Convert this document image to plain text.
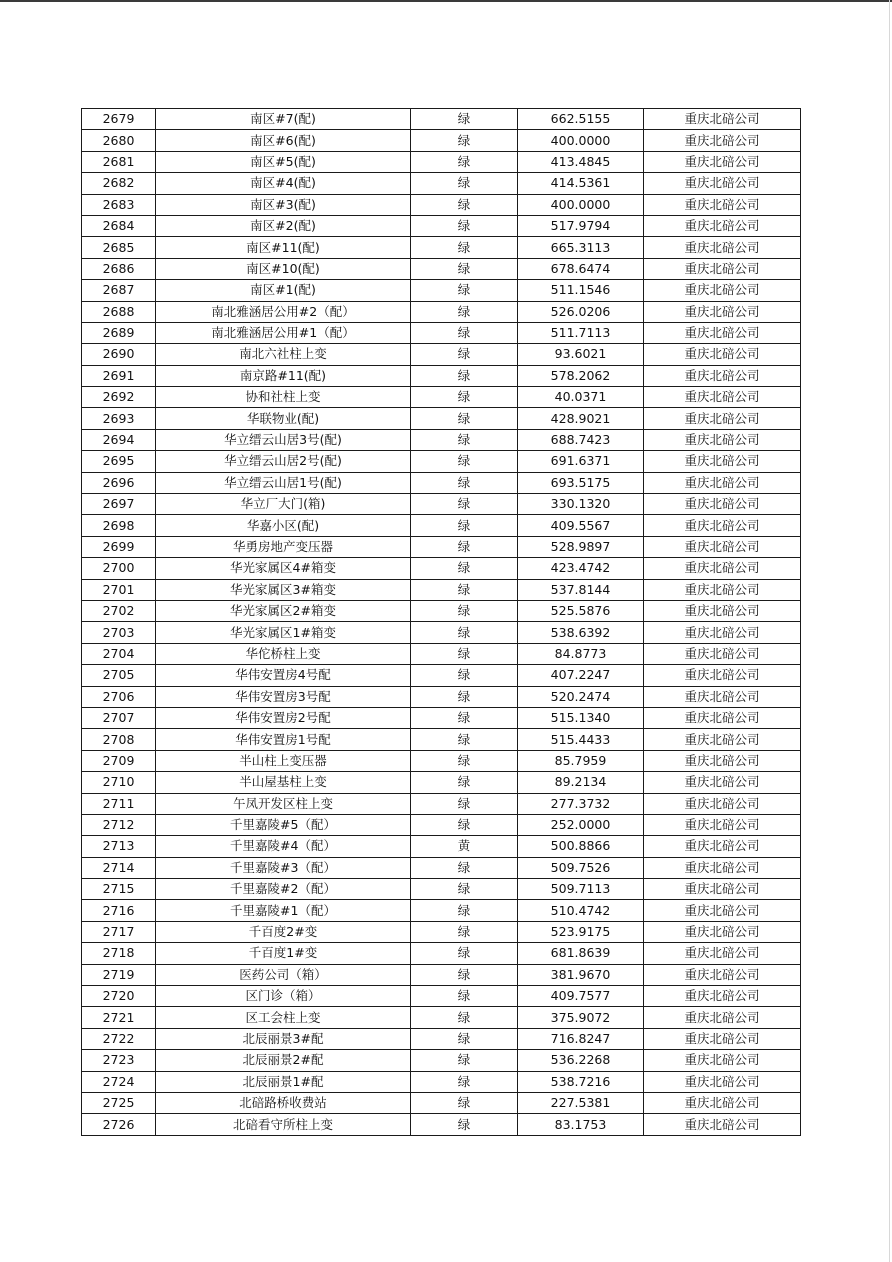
2679	南区#7(配)	绿	662.5155	重庆北碚公司
2680	南区#6(配)	绿	400.0000	重庆北碚公司
2681	南区#5(配)	绿	413.4845	重庆北碚公司
2682	南区#4(配)	绿	414.5361	重庆北碚公司
2683	南区#3(配)	绿	400.0000	重庆北碚公司
2684	南区#2(配)	绿	517.9794	重庆北碚公司
2685	南区#11(配)	绿	665.3113	重庆北碚公司
2686	南区#10(配)	绿	678.6474	重庆北碚公司
2687	南区#1(配)	绿	511.1546	重庆北碚公司
2688	南北雅涵居公用#2（配）	绿	526.0206	重庆北碚公司
2689	南北雅涵居公用#1（配）	绿	511.7113	重庆北碚公司
2690	南北六社柱上变	绿	93.6021	重庆北碚公司
2691	南京路#11(配)	绿	578.2062	重庆北碚公司
2692	协和社柱上变	绿	40.0371	重庆北碚公司
2693	华联物业(配)	绿	428.9021	重庆北碚公司
2694	华立缙云山居3号(配)	绿	688.7423	重庆北碚公司
2695	华立缙云山居2号(配)	绿	691.6371	重庆北碚公司
2696	华立缙云山居1号(配)	绿	693.5175	重庆北碚公司
2697	华立厂大门(箱)	绿	330.1320	重庆北碚公司
2698	华嘉小区(配)	绿	409.5567	重庆北碚公司
2699	华勇房地产变压器	绿	528.9897	重庆北碚公司
2700	华光家属区4#箱变	绿	423.4742	重庆北碚公司
2701	华光家属区3#箱变	绿	537.8144	重庆北碚公司
2702	华光家属区2#箱变	绿	525.5876	重庆北碚公司
2703	华光家属区1#箱变	绿	538.6392	重庆北碚公司
2704	华佗桥柱上变	绿	84.8773	重庆北碚公司
2705	华伟安置房4号配	绿	407.2247	重庆北碚公司
2706	华伟安置房3号配	绿	520.2474	重庆北碚公司
2707	华伟安置房2号配	绿	515.1340	重庆北碚公司
2708	华伟安置房1号配	绿	515.4433	重庆北碚公司
2709	半山柱上变压器	绿	85.7959	重庆北碚公司
2710	半山屋基柱上变	绿	89.2134	重庆北碚公司
2711	午凤开发区柱上变	绿	277.3732	重庆北碚公司
2712	千里嘉陵#5（配）	绿	252.0000	重庆北碚公司
2713	千里嘉陵#4（配）	黄	500.8866	重庆北碚公司
2714	千里嘉陵#3（配）	绿	509.7526	重庆北碚公司
2715	千里嘉陵#2（配）	绿	509.7113	重庆北碚公司
2716	千里嘉陵#1（配）	绿	510.4742	重庆北碚公司
2717	千百度2#变	绿	523.9175	重庆北碚公司
2718	千百度1#变	绿	681.8639	重庆北碚公司
2719	医药公司（箱）	绿	381.9670	重庆北碚公司
2720	区门诊（箱）	绿	409.7577	重庆北碚公司
2721	区工会柱上变	绿	375.9072	重庆北碚公司
2722	北辰丽景3#配	绿	716.8247	重庆北碚公司
2723	北辰丽景2#配	绿	536.2268	重庆北碚公司
2724	北辰丽景1#配	绿	538.7216	重庆北碚公司
2725	北碚路桥收费站	绿	227.5381	重庆北碚公司
2726	北碚看守所柱上变	绿	83.1753	重庆北碚公司
